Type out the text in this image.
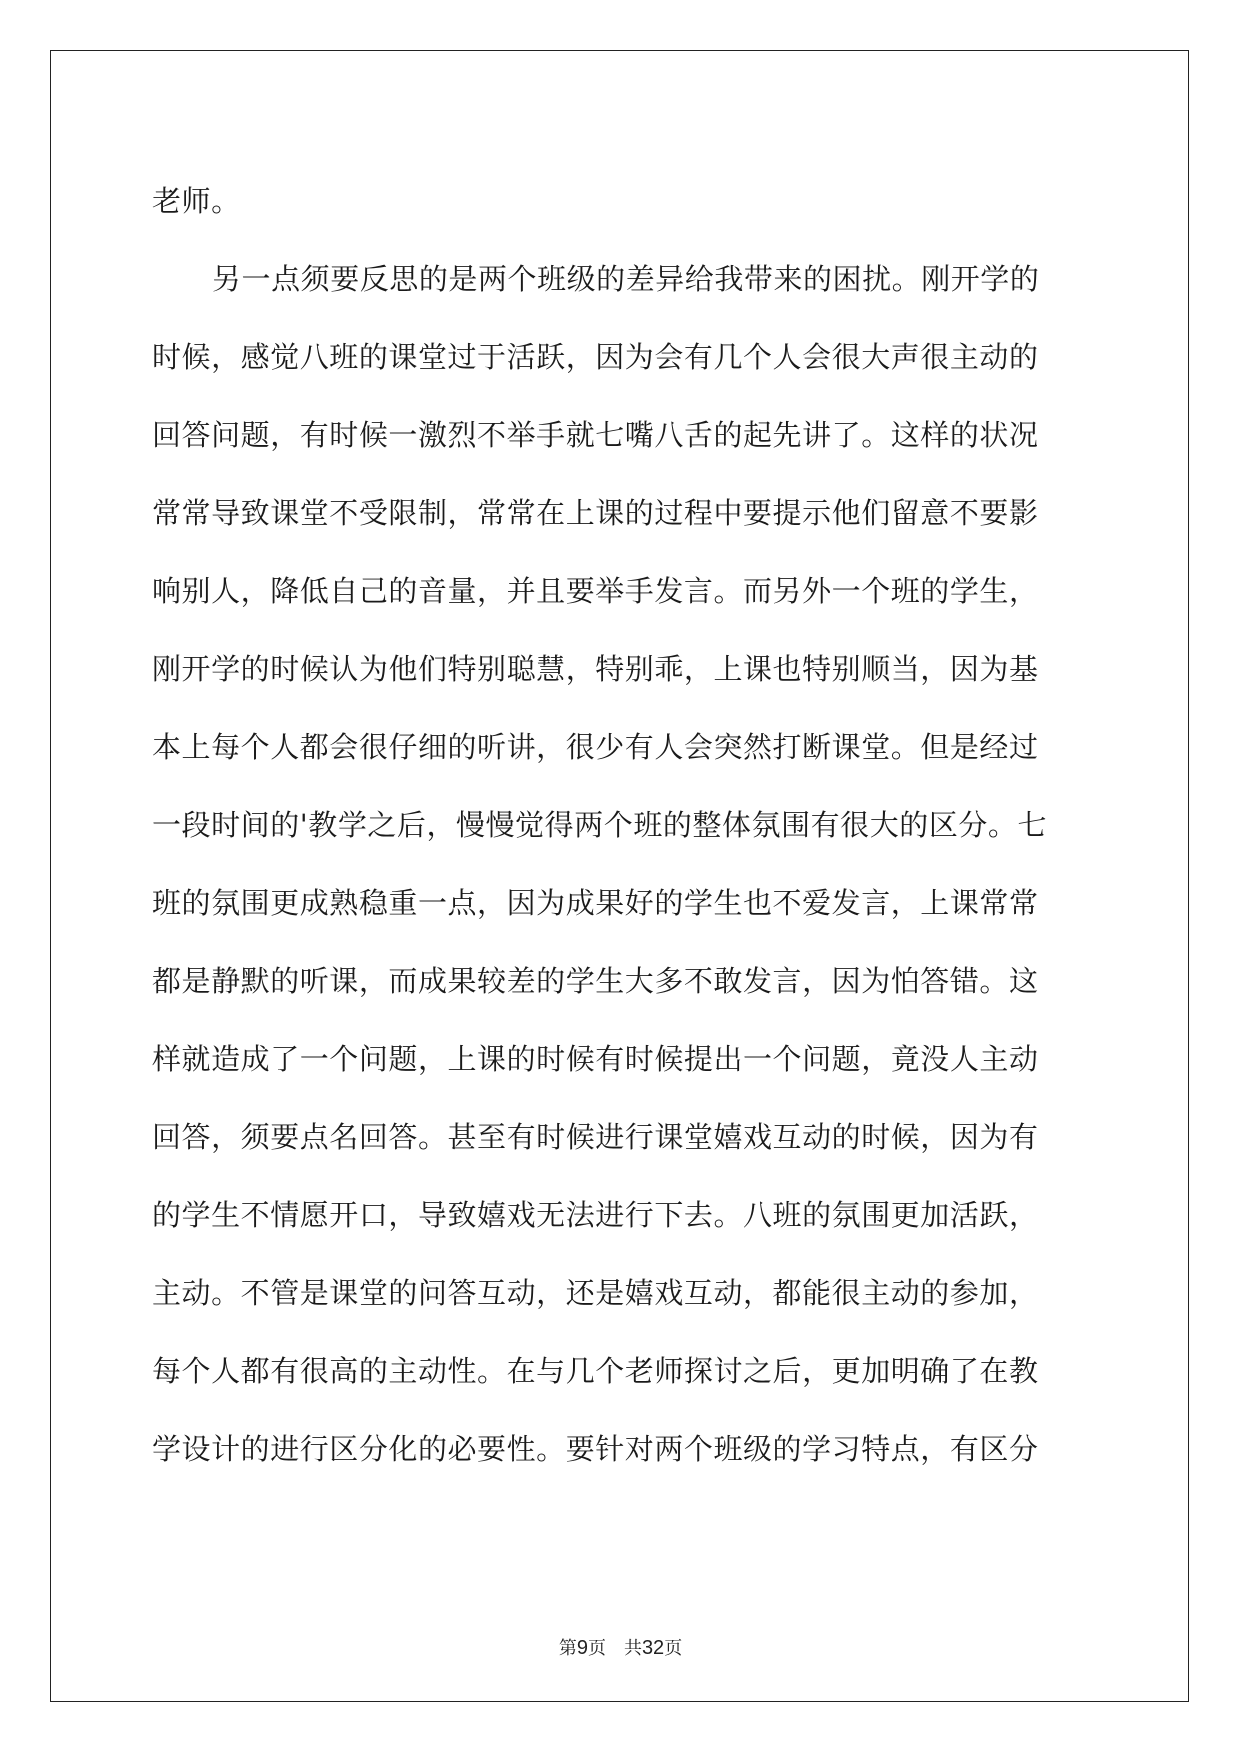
老师。
另一点须要反思的是两个班级的差异给我带来的困扰。刚开学的
时候，感觉八班的课堂过于活跃，因为会有几个人会很大声很主动的
回答问题，有时候一激烈不举手就七嘴八舌的起先讲了。这样的状况
常常导致课堂不受限制，常常在上课的过程中要提示他们留意不要影
响别人，降低自己的音量，并且要举手发言。而另外一个班的学生，
刚开学的时候认为他们特别聪慧，特别乖，上课也特别顺当，因为基
本上每个人都会很仔细的听讲，很少有人会突然打断课堂。但是经过
一段时间的'教学之后，慢慢觉得两个班的整体氛围有很大的区分。七
班的氛围更成熟稳重一点，因为成果好的学生也不爱发言，上课常常
都是静默的听课，而成果较差的学生大多不敢发言，因为怕答错。这
样就造成了一个问题，上课的时候有时候提出一个问题，竟没人主动
回答，须要点名回答。甚至有时候进行课堂嬉戏互动的时候，因为有
的学生不情愿开口，导致嬉戏无法进行下去。八班的氛围更加活跃，
主动。不管是课堂的问答互动，还是嬉戏互动，都能很主动的参加，
每个人都有很高的主动性。在与几个老师探讨之后，更加明确了在教
学设计的进行区分化的必要性。要针对两个班级的学习特点，有区分
第9页 共32页
